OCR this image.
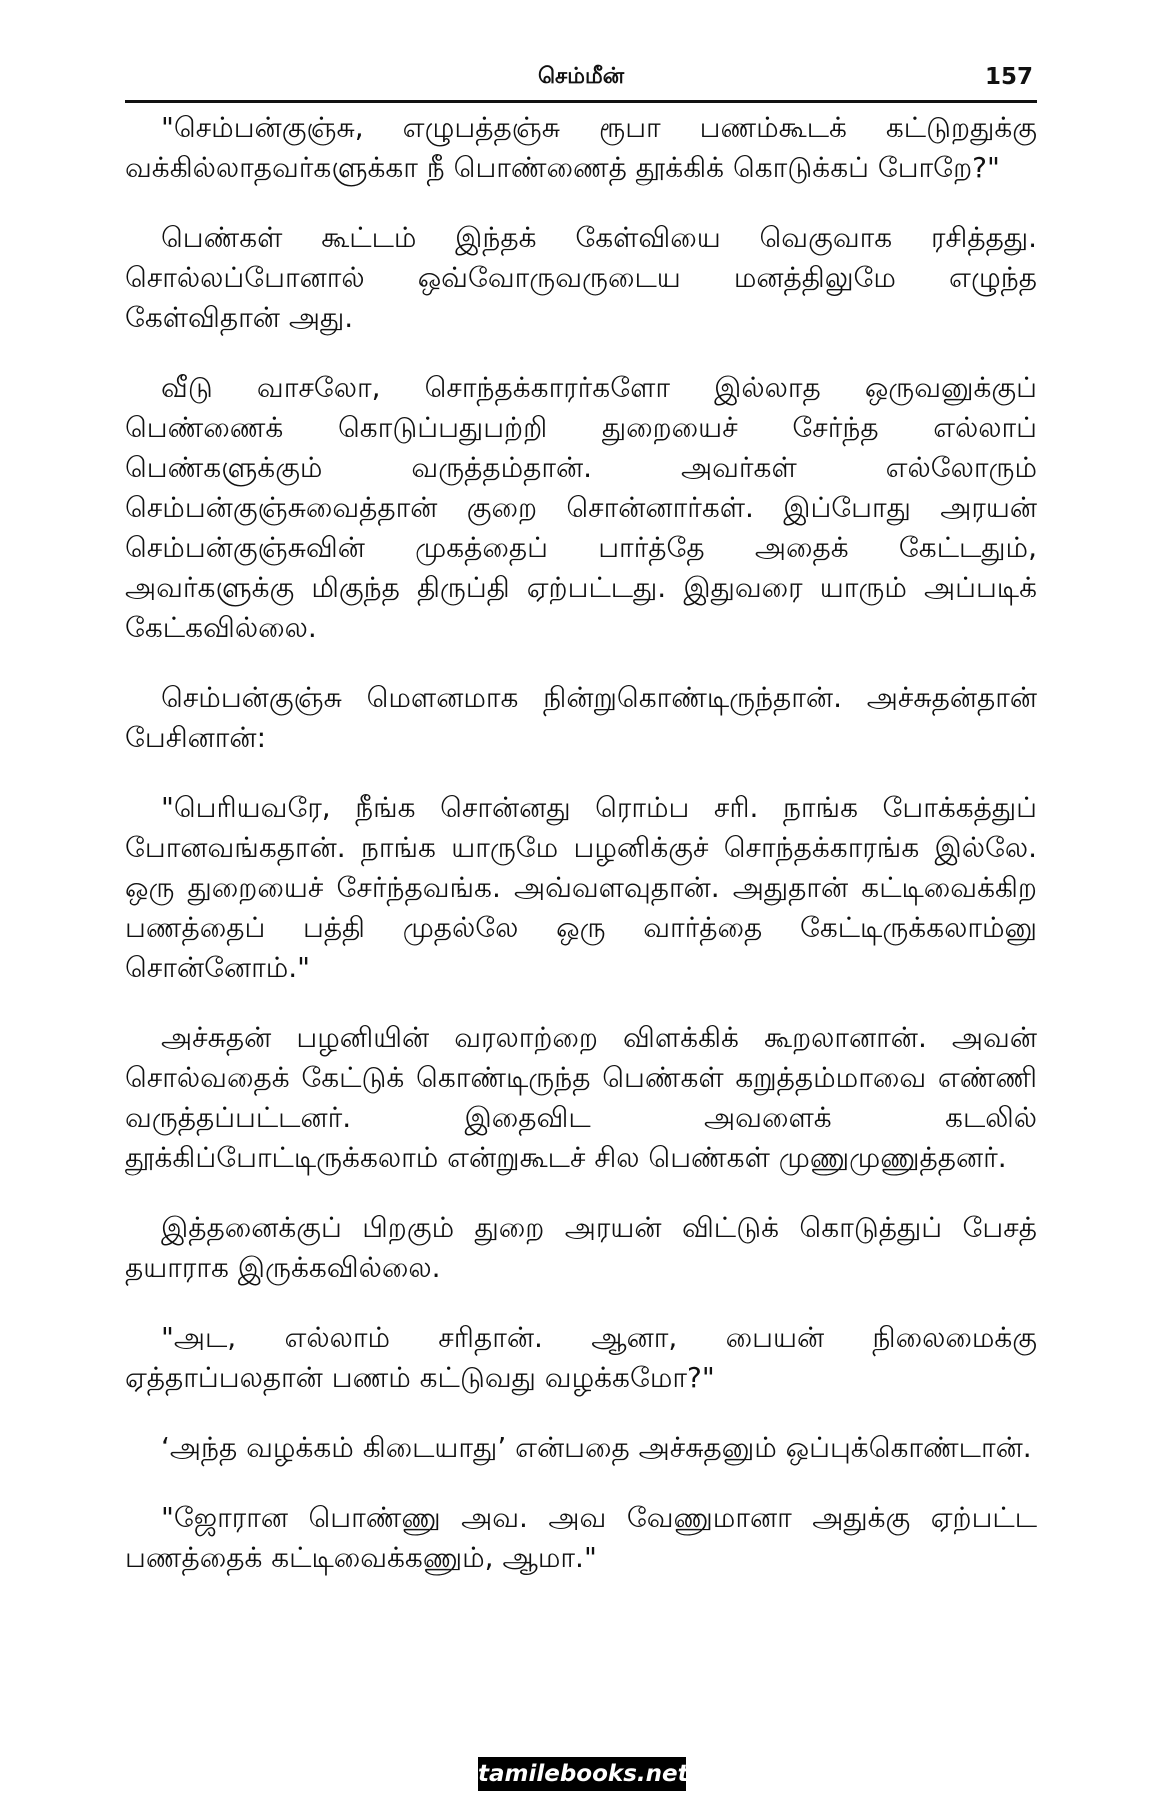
செம்மீன்	157

"செம்பன்குஞ்சு, எழுபத்தஞ்சு ரூபா பணம்கூடக் கட்டுறதுக்கு வக்கில்லாதவர்களுக்கா நீ பொண்ணைத் தூக்கிக் கொடுக்கப் போறே?"

பெண்கள் கூட்டம் இந்தக் கேள்வியை வெகுவாக ரசித்தது. சொல்லப்போனால் ஒவ்வோருவருடைய மனத்திலுமே எழுந்த கேள்விதான் அது.

வீடு வாசலோ, சொந்தக்காரர்களோ இல்லாத ஒருவனுக்குப் பெண்ணைக் கொடுப்பதுபற்றி துறையைச் சேர்ந்த எல்லாப் பெண்களுக்கும் வருத்தம்தான். அவர்கள் எல்லோரும் செம்பன்குஞ்சுவைத்தான் குறை சொன்னார்கள். இப்போது அரயன் செம்பன்குஞ்சுவின் முகத்தைப் பார்த்தே அதைக் கேட்டதும், அவர்களுக்கு மிகுந்த திருப்தி ஏற்பட்டது. இதுவரை யாரும் அப்படிக் கேட்கவில்லை.

செம்பன்குஞ்சு மௌனமாக நின்றுகொண்டிருந்தான். அச்சுதன்தான் பேசினான்:

"பெரியவரே, நீங்க சொன்னது ரொம்ப சரி. நாங்க போக்கத்துப் போனவங்கதான். நாங்க யாருமே பழனிக்குச் சொந்தக்காரங்க இல்லே. ஒரு துறையைச் சேர்ந்தவங்க. அவ்வளவுதான். அதுதான் கட்டிவைக்கிற பணத்தைப் பத்தி முதல்லே ஒரு வார்த்தை கேட்டிருக்கலாம்னு சொன்னோம்."

அச்சுதன் பழனியின் வரலாற்றை விளக்கிக் கூறலானான். அவன் சொல்வதைக் கேட்டுக் கொண்டிருந்த பெண்கள் கறுத்தம்மாவை எண்ணி வருத்தப்பட்டனர். இதைவிட அவளைக் கடலில் தூக்கிப்போட்டிருக்கலாம் என்றுகூடச் சில பெண்கள் முணுமுணுத்தனர்.

இத்தனைக்குப் பிறகும் துறை அரயன் விட்டுக் கொடுத்துப் பேசத் தயாராக இருக்கவில்லை.

"அட, எல்லாம் சரிதான். ஆனா, பையன் நிலைமைக்கு ஏத்தாப்பலதான் பணம் கட்டுவது வழக்கமோ?"

‘அந்த வழக்கம் கிடையாது’ என்பதை அச்சுதனும் ஒப்புக்கொண்டான்.

"ஜோரான பொண்ணு அவ. அவ வேணுமானா அதுக்கு ஏற்பட்ட பணத்தைக் கட்டிவைக்கணும், ஆமா."

tamilebooks.net
